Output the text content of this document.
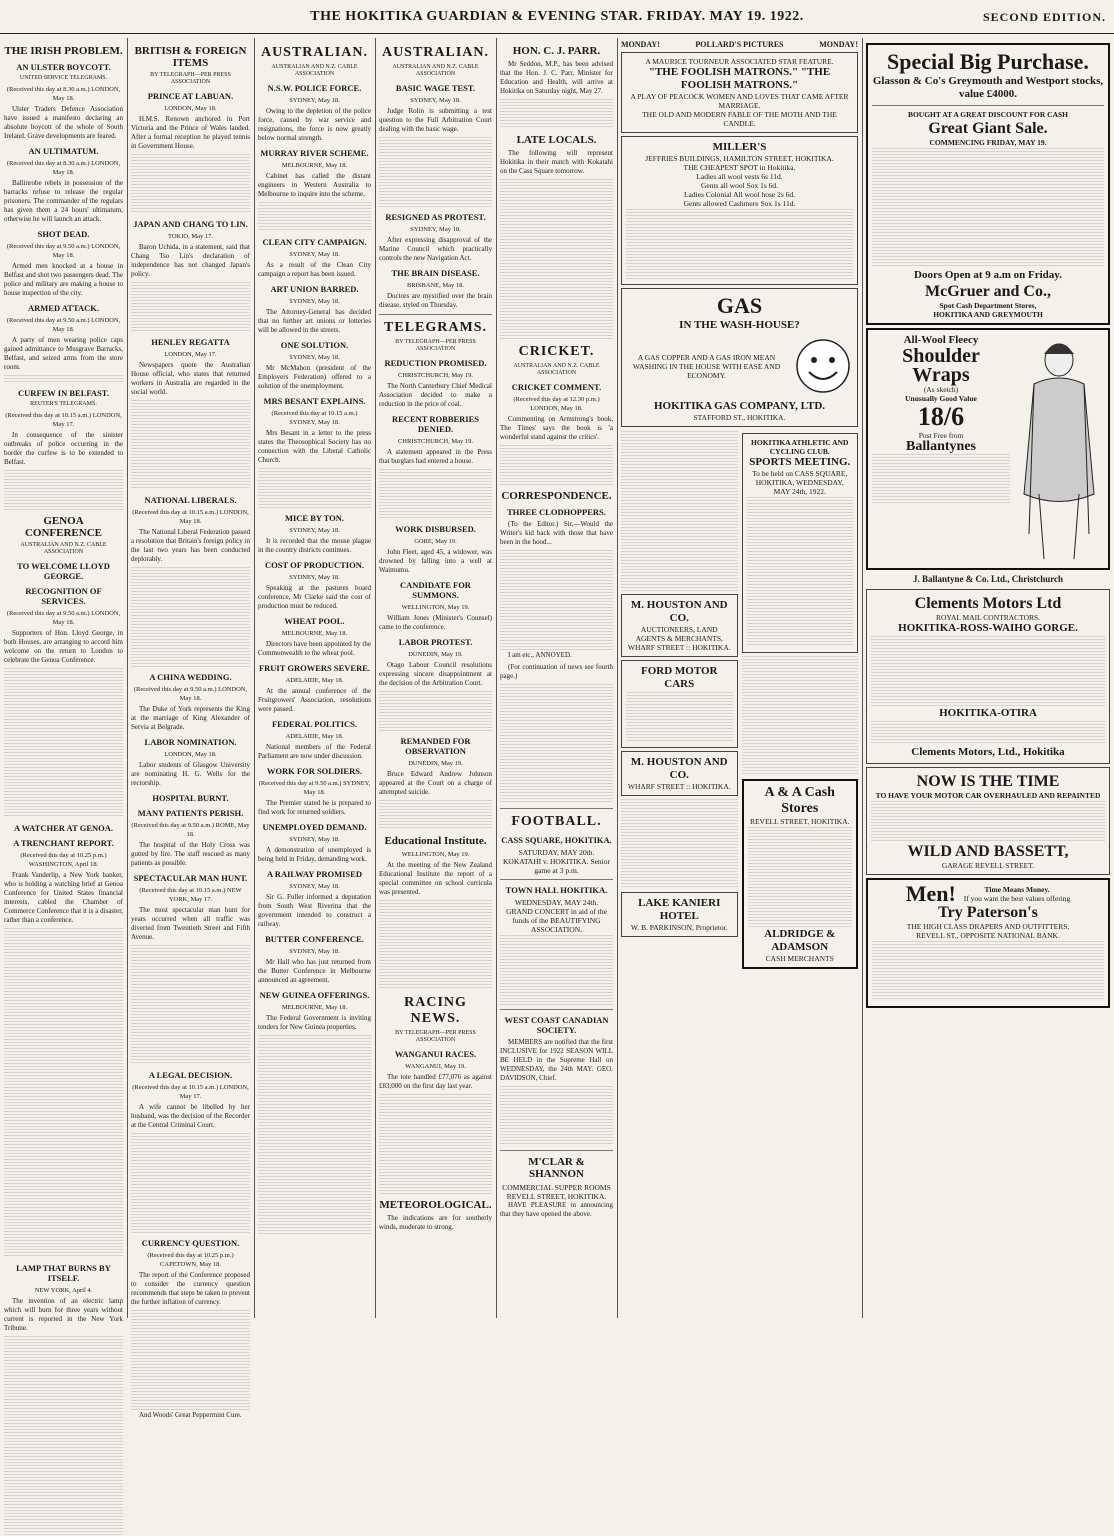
THE HOKITIKA GUARDIAN & EVENING STAR. FRIDAY. MAY 19. 1922.	SECOND EDITION.
THE IRISH PROBLEM.
AN ULSTER BOYCOTT.
UNITED SERVICE TELEGRAMS.
(Received this day at 8.30 a.m.) LONDON, May 18.

Ulster Traders Defence Association have issued a manifesto declaring an absolute boycott of the whole of South Ireland. Grave developments are feared.

AN ULTIMATUM.
(Received this day at 8.30 a.m.) LONDON, May 18.

Ballinrobe rebels in possession of the barracks refuse to release the regular prisoners. The commander of the regulars has given them a 24 hours' ultimatum, otherwise he will launch an attack.

SHOT DEAD.
(Received this day at 9.50 a.m.) LONDON, May 18.

Armed men knocked at a house in Belfast and shot two passengers dead. The police and military are making a house to house inspection of the city.

ARMED ATTACK.
(Received this day at 9.50 a.m.) LONDON, May 18.

A party of men wearing police caps gained admittance to Musgrave Barracks, Belfast, and seized arms from the store room.

CURFEW IN BELFAST.
REUTER'S TELEGRAMS.
(Received this day at 10.15 a.m.) LONDON, May 17.

In consequence of the sinister outbreaks of police occurring in the border the curfew is to be extended to Belfast.

GENOA CONFERENCE
AUSTRALIAN AND N.Z. CABLE ASSOCIATION
TO WELCOME LLOYD GEORGE.
RECOGNITION OF SERVICES.
(Received this day at 9.50 a.m.) LONDON, May 18.

Supporters of Hon. Lloyd George, in both Houses, are arranging to accord him welcome on the return to London to celebrate the Genoa Conference.

A WATCHER AT GENOA.
A TRENCHANT REPORT.
(Received this day at 10.25 p.m.) WASHINGTON, April 18.

Frank Vanderlip, a New York banker, who is holding a watching brief at Genoa Conference for United States financial interests, cabled the Chamber of Commerce Conference that it is a disaster, rather than a conference.

LAMP THAT BURNS BY ITSELF.
NEW YORK, April 4.

The invention of an electric lamp which will burn for three years without current is reported in the New York Tribune.

BRITISH & FOREIGN ITEMS
BY TELEGRAPH—PER PRESS ASSOCIATION
PRINCE AT LABUAN.
LONDON, May 18.

H.M.S. Renown anchored in Port Victoria and the Prince of Wales landed. After a formal reception he played tennis in Government House.

JAPAN AND CHANG TO LIN.
TOKIO, May 17.

Baron Uchida, in a statement, said that Chang Tso Lin's declaration of independence has not changed Japan's policy.

HENLEY REGATTA
LONDON, May 17.

Newspapers quote the Australian House official, who states that returned workers in Australia are regarded in the social world.

NATIONAL LIBERALS.
(Received this day at 10.15 a.m.) LONDON, May 18.

The National Liberal Federation passed a resolution that Britain's foreign policy in the last two years has been conducted deplorably.

A CHINA WEDDING.
(Received this day at 9.50 a.m.) LONDON, May 18.

The Duke of York represents the King at the marriage of King Alexander of Servia at Belgrade.

LABOR NOMINATION.
LONDON, May 18.

Labor students of Glasgow University are nominating H. G. Wells for the rectorship.

HOSPITAL BURNT.
MANY PATIENTS PERISH.
(Received this day at 9.50 a.m.) ROME, May 18.

The hospital of the Holy Cross was gutted by fire. The staff rescued as many patients as possible.

SPECTACULAR MAN HUNT.
(Received this day at 10.15 a.m.) NEW YORK, May 17.

The most spectacular man hunt for years occurred when all traffic was diverted from Twentieth Street and Fifth Avenue.

A LEGAL DECISION.
(Received this day at 10.15 a.m.) LONDON, May 17.

A wife cannot be libelled by her husband, was the decision of the Recorder at the Central Criminal Court.

CURRENCY QUESTION.
(Received this day at 10.25 p.m.) CAPETOWN, May 18.

The report of the Conference proposed to consider the currency question recommends that steps be taken to prevent the further inflation of currency.

And Woods' Great Peppermint Cure.

AUSTRALIAN.
AUSTRALIAN AND N.Z. CABLE ASSOCIATION
N.S.W. POLICE FORCE.
SYDNEY, May 18.

Owing to the depletion of the police force, caused by war service and resignations, the force is now greatly below normal strength.

MURRAY RIVER SCHEME.
MELBOURNE, May 18.

Cabinet has called the distant engineers in Western Australia to Melbourne to inquire into the scheme.

CLEAN CITY CAMPAIGN.
SYDNEY, May 18.

As a result of the Clean City campaign a report has been issued.

ART UNION BARRED.
SYDNEY, May 18.

The Attorney-General has decided that no further art unions or lotteries will be allowed in the streets.

ONE SOLUTION.
SYDNEY, May 18.

Mr McMahon (president of the Employers Federation) offered to a solution of the unemployment.

MRS BESANT EXPLAINS.
(Received this day at 10.15 a.m.) SYDNEY, May 18.

Mrs Besant in a letter to the press states the Theosophical Society has no connection with the Liberal Catholic Church.

MICE BY TON.
SYDNEY, May 18.

It is recorded that the mouse plague in the country districts continues.

COST OF PRODUCTION.
SYDNEY, May 18.

Speaking at the pastures board conference, Mr Clarke said the cost of production must be reduced.

WHEAT POOL.
MELBOURNE, May 18.

Directors have been appointed by the Commonwealth to the wheat pool.

FRUIT GROWERS SEVERE.
ADELAIDE, May 18.

At the annual conference of the Fruitgrowers' Association, resolutions were passed.

FEDERAL POLITICS.
ADELAIDE, May 18.

National members of the Federal Parliament are now under discussion.

WORK FOR SOLDIERS.
(Received this day at 9.50 a.m.) SYDNEY, May 18.

The Premier stated he is prepared to find work for returned soldiers.

UNEMPLOYED DEMAND.
SYDNEY, May 18.

A demonstration of unemployed is being held in Friday, demanding work.

A RAILWAY PROMISED
SYDNEY, May 18.

Sir G. Fuller informed a deputation from South West Riverina that the government intended to construct a railway.

BUTTER CONFERENCE.
SYDNEY, May 18.

Mr Hall who has just returned from the Butter Conference in Melbourne announced an agreement.

NEW GUINEA OFFERINGS.
MELBOURNE, May 18.

The Federal Government is inviting tenders for New Guinea properties.

AUSTRALIAN.
AUSTRALIAN AND N.Z. CABLE ASSOCIATION
BASIC WAGE TEST.
SYDNEY, May 18.

Judge Rolin is submitting a test question to the Full Arbitration Court dealing with the basic wage.

RESIGNED AS PROTEST.
SYDNEY, May 18.

After expressing disapproval of the Marine Council which practically controls the new Navigation Act.

THE BRAIN DISEASE.
BRISBANE, May 18.

Doctors are mystified over the brain disease, styled on Thursday.

TELEGRAMS.
BY TELEGRAPH—PER PRESS ASSOCIATION
REDUCTION PROMISED.
CHRISTCHURCH, May 19.

The North Canterbury Chief Medical Association decided to make a reduction in the price of coal.

RECENT ROBBERIES DENIED.
CHRISTCHURCH, May 19.

A statement appeared in the Press that burglars had entered a house.

WORK DISBURSED.
GORE, May 19.

John Fleet, aged 45, a widower, was drowned by falling into a well at Waimumu.

CANDIDATE FOR SUMMONS.
WELLINGTON, May 19.

William Jones (Minister's Counsel) came to the conference.

LABOR PROTEST.
DUNEDIN, May 19.

Otago Labour Council resolutions expressing sincere disappointment at the decision of the Arbitration Court.

REMANDED FOR OBSERVATION
DUNEDIN, May 19.

Bruce Edward Andrew Johnson appeared at the Court on a charge of attempted suicide.

Educational Institute.
WELLINGTON, May 19.

At the meeting of the New Zealand Educational Institute the report of a special committee on school curricula was presented.

RACING NEWS.
BY TELEGRAPH—PER PRESS ASSOCIATION
WANGANUI RACES.
WANGANUI, May 19.

The tote handled £77,076 as against £83,000 on the first day last year.

METEOROLOGICAL.

The indications are for southerly winds, moderate to strong.

HON. C. J. PARR.

Mr Seddon, M.P., has been advised that the Hon. J. C. Parr, Minister for Education and Health, will arrive at Hokitika on Saturday night, May 27.

LATE LOCALS.

The following will represent Hokitika in their match with Kokatahi on the Cass Square tomorrow.

CRICKET.
AUSTRALIAN AND N.Z. CABLE ASSOCIATION
CRICKET COMMENT.
(Received this day at 12.30 p.m.) LONDON, May 18.

Commenting on Armstrong's book, The Times' says the book is 'a wonderful stand against the critics'.

CORRESPONDENCE.
THREE CLODHOPPERS.

(To the Editor.) Sir,—Would the Writer's kid back with those that have been in the hood...

I am etc., ANNOYED.

(For continuation of news see fourth page.)

FOOTBALL.
CASS SQUARE, HOKITIKA.
SATURDAY, MAY 20th.
KOKATAHI v. HOKITIKA. Senior game at 3 p.m.
TOWN HALL HOKITIKA.
WEDNESDAY, MAY 24th.
GRAND CONCERT in aid of the funds of the BEAUTIFYING ASSOCIATION.
WEST COAST CANADIAN SOCIETY.

MEMBERS are notified that the first INCLUSIVE for 1922 SEASON WILL BE HELD in the Supreme Hall on WEDNESDAY, the 24th MAY. GEO. DAVIDSON, Chief.

M'CLAR & SHANNON
COMMERCIAL SUPPER ROOMS
REVELL STREET, HOKITIKA.

HAVE PLEASURE in announcing that they have opened the above.

MONDAY!	POLLARD'S PICTURES	MONDAY!
A MAURICE TOURNEUR ASSOCIATED STAR FEATURE.
"THE FOOLISH MATRONS." "THE FOOLISH MATRONS."
A PLAY OF PEACOCK WOMEN AND LOVES THAT CAME AFTER MARRIAGE.
THE OLD AND MODERN FABLE OF THE MOTH AND THE CANDLE.
MILLER'S
JEFFRIES BUILDINGS, HAMILTON STREET, HOKITIKA.
THE CHEAPEST SPOT in Hokitika.
Ladies all wool vests 6s 11d.
Gents all wool Sox 1s 6d.
Ladies Colonial All wool hose 2s 6d.
Gents allowed Cashmere Sox 1s 11d.
GAS
IN THE WASH-HOUSE?
A GAS COPPER AND A GAS IRON MEAN WASHING IN THE HOUSE WITH EASE AND ECONOMY.
HOKITIKA GAS COMPANY, LTD.
STAFFORD ST., HOKITIKA.
M. HOUSTON AND CO.
AUCTIONEERS, LAND AGENTS & MERCHANTS,
WHARF STREET :: HOKITIKA.
FORD MOTOR CARS
M. HOUSTON AND CO.
WHARF STREET :: HOKITIKA.
LAKE KANIERI HOTEL
W. B. PARKINSON, Proprietor.
HOKITIKA ATHLETIC AND CYCLING CLUB.
SPORTS MEETING.
To be held on CASS SQUARE, HOKITIKA, WEDNESDAY, MAY 24th, 1922.
A & A Cash Stores
REVELL STREET, HOKITIKA.
ALDRIDGE & ADAMSON
CASH MERCHANTS
Special Big Purchase.
Glasson & Co's Greymouth and Westport stocks, value £4000.
BOUGHT AT A GREAT DISCOUNT FOR CASH
Great Giant Sale.
COMMENCING FRIDAY, MAY 19.
Doors Open at 9 a.m on Friday.
McGruer and Co.,
Spot Cash Department Stores,
HOKITIKA AND GREYMOUTH
All-Wool Fleecy
Shoulder
Wraps
(As sketch)
Unusually Good Value
18/6
Post Free from
Ballantynes
J. Ballantyne & Co. Ltd., Christchurch
Clements Motors Ltd
ROYAL MAIL CONTRACTORS.
HOKITIKA-ROSS-WAIHO GORGE.
HOKITIKA-OTIRA
Clements Motors, Ltd., Hokitika
NOW IS THE TIME
TO HAVE YOUR MOTOR CAR OVERHAULED AND REPAINTED
WILD AND BASSETT,
GARAGE REVELL STREET.
Men!	Time Means Money.
If you want the best values offering
Try Paterson's
THE HIGH CLASS DRAPERS AND OUTFITTERS,
REVELL ST., OPPOSITE NATIONAL BANK.
